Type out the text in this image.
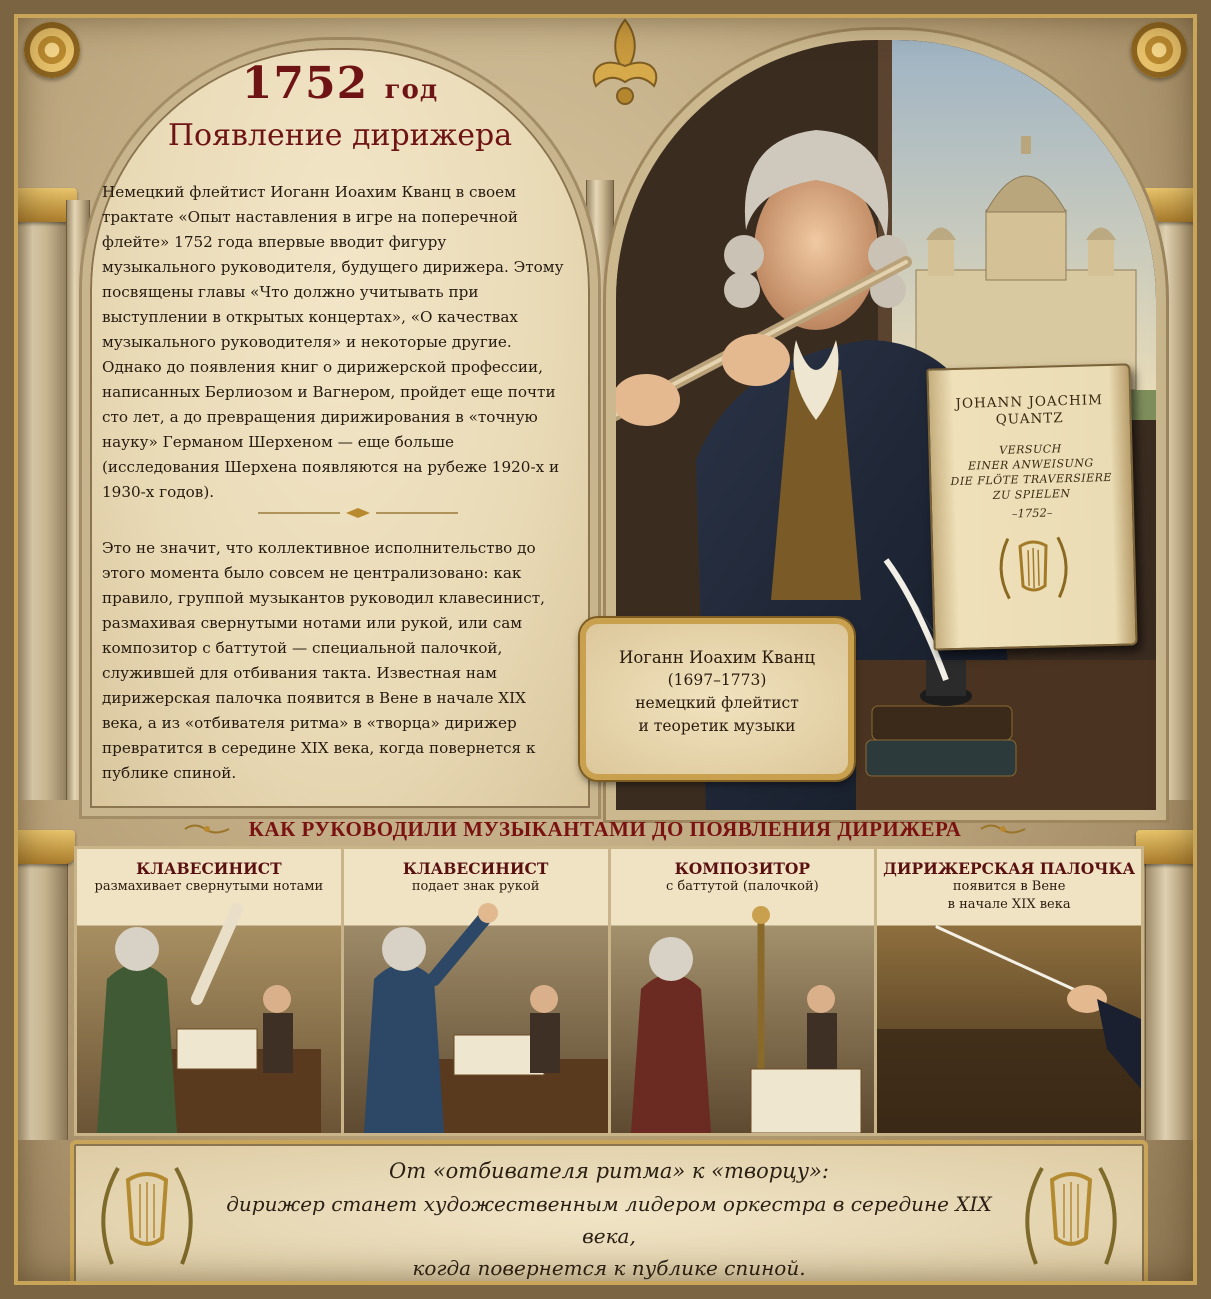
1752 год
Появление дирижера

Немецкий флейтист Иоганн Иоахим Кванц в своем трактате «Опыт наставления в игре на поперечной флейте» 1752 года впервые вводит фигуру музыкального руководителя, будущего дирижера. Этому посвящены главы «Что должно учитывать при выступлении в открытых концертах», «О качествах музыкального руководителя» и некоторые другие. Однако до появления книг о дирижерской профессии, написанных Берлиозом и Вагнером, пройдет еще почти сто лет, а до превращения дирижирования в «точную науку» Германом Шерхеном — еще больше (исследования Шерхена появляются на рубеже 1920-х и 1930-х годов).

Это не значит, что коллективное исполнительство до этого момента было совсем не централизовано: как правило, группой музыкантов руководил клавесинист, размахивая свернутыми нотами или рукой, или сам композитор с баттутой — специальной палочкой, служившей для отбивания такта. Известная нам дирижерская палочка появится в Вене в начале XIX века, а из «отбивателя ритма» в «творца» дирижер превратится в середине XIX века, когда повернется к публике спиной.

JOHANN JOACHIM
QUANTZ
VERSUCH
EINER ANWEISUNG
DIE FLÖTE TRAVERSIERE
ZU SPIELEN
–1752–
Иоганн Иоахим Кванц
(1697–1773)
немецкий флейтист
и теоретик музыки
КАК РУКОВОДИЛИ МУЗЫКАНТАМИ ДО ПОЯВЛЕНИЯ ДИРИЖЕРА
КЛАВЕСИНИСТ
размахивает свернутыми нотами
КЛАВЕСИНИСТ
подает знак рукой
КОМПОЗИТОР
с баттутой (палочкой)
ДИРИЖЕРСКАЯ ПАЛОЧКА
появится в Вене
в начале XIX века
От «отбивателя ритма» к «творцу»:
дирижер станет художественным лидером оркестра в середине XIX века,
когда повернется к публике спиной.
